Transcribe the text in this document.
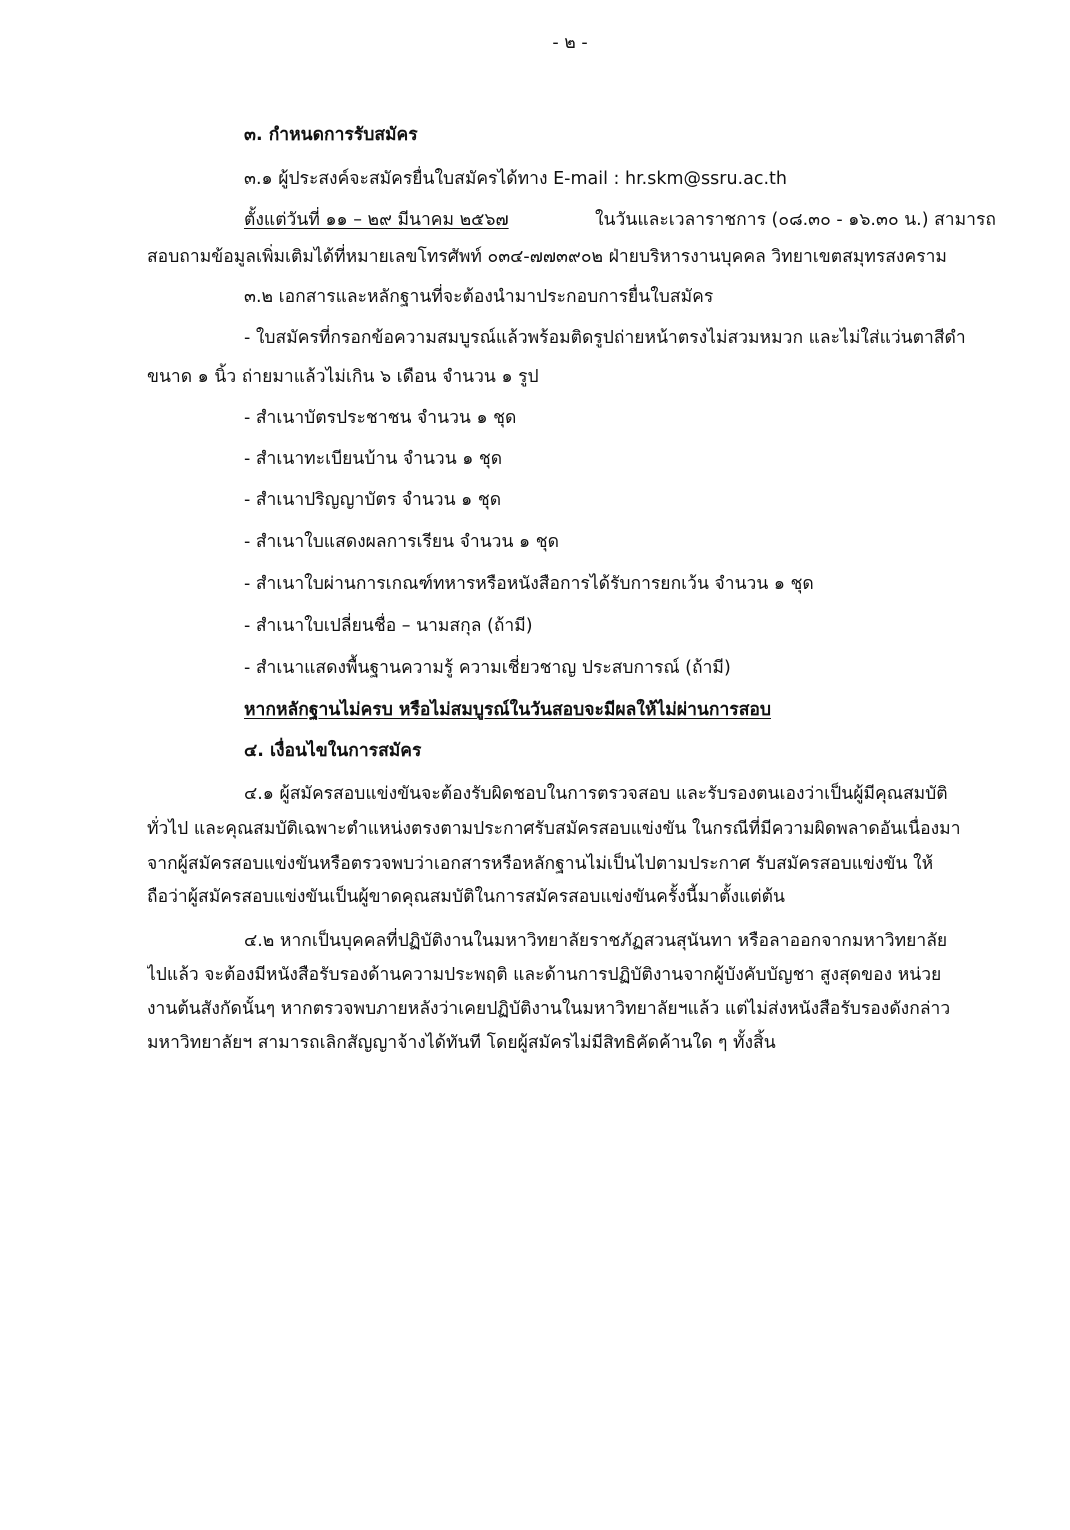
- ๒ -
๓. กำหนดการรับสมัคร
๓.๑ ผู้ประสงค์จะสมัครยื่นใบสมัครได้ทาง E-mail : hr.skm@ssru.ac.th
ตั้งแต่วันที่ ๑๑ – ๒๙ มีนาคม ๒๕๖๗	ในวันและเวลาราชการ (๐๘.๓๐ - ๑๖.๓๐ น.) สามารถ
สอบถามข้อมูลเพิ่มเติมได้ที่หมายเลขโทรศัพท์ ๐๓๔-๗๗๓๙๐๒ ฝ่ายบริหารงานบุคคล วิทยาเขตสมุทรสงคราม
๓.๒ เอกสารและหลักฐานที่จะต้องนำมาประกอบการยื่นใบสมัคร
- ใบสมัครที่กรอกข้อความสมบูรณ์แล้วพร้อมติดรูปถ่ายหน้าตรงไม่สวมหมวก และไม่ใส่แว่นตาสีดำ
ขนาด ๑ นิ้ว ถ่ายมาแล้วไม่เกิน ๖ เดือน จำนวน ๑ รูป
- สำเนาบัตรประชาชน จำนวน ๑ ชุด
- สำเนาทะเบียนบ้าน จำนวน ๑ ชุด
- สำเนาปริญญาบัตร จำนวน ๑ ชุด
- สำเนาใบแสดงผลการเรียน จำนวน ๑ ชุด
- สำเนาใบผ่านการเกณฑ์ทหารหรือหนังสือการได้รับการยกเว้น จำนวน ๑ ชุด
- สำเนาใบเปลี่ยนชื่อ – นามสกุล (ถ้ามี)
- สำเนาแสดงพื้นฐานความรู้ ความเชี่ยวชาญ ประสบการณ์ (ถ้ามี)
หากหลักฐานไม่ครบ หรือไม่สมบูรณ์ในวันสอบจะมีผลให้ไม่ผ่านการสอบ
๔. เงื่อนไขในการสมัคร
๔.๑ ผู้สมัครสอบแข่งขันจะต้องรับผิดชอบในการตรวจสอบ และรับรองตนเองว่าเป็นผู้มีคุณสมบัติ
ทั่วไป และคุณสมบัติเฉพาะตำแหน่งตรงตามประกาศรับสมัครสอบแข่งขัน ในกรณีที่มีความผิดพลาดอันเนื่องมา
จากผู้สมัครสอบแข่งขันหรือตรวจพบว่าเอกสารหรือหลักฐานไม่เป็นไปตามประกาศ รับสมัครสอบแข่งขัน ให้
ถือว่าผู้สมัครสอบแข่งขันเป็นผู้ขาดคุณสมบัติในการสมัครสอบแข่งขันครั้งนี้มาตั้งแต่ต้น
๔.๒ หากเป็นบุคคลที่ปฏิบัติงานในมหาวิทยาลัยราชภัฏสวนสุนันทา หรือลาออกจากมหาวิทยาลัย
ไปแล้ว จะต้องมีหนังสือรับรองด้านความประพฤติ และด้านการปฏิบัติงานจากผู้บังคับบัญชา สูงสุดของ หน่วย
งานต้นสังกัดนั้นๆ หากตรวจพบภายหลังว่าเคยปฏิบัติงานในมหาวิทยาลัยฯแล้ว แต่ไม่ส่งหนังสือรับรองดังกล่าว
มหาวิทยาลัยฯ สามารถเลิกสัญญาจ้างได้ทันที โดยผู้สมัครไม่มีสิทธิคัดค้านใด ๆ ทั้งสิ้น
